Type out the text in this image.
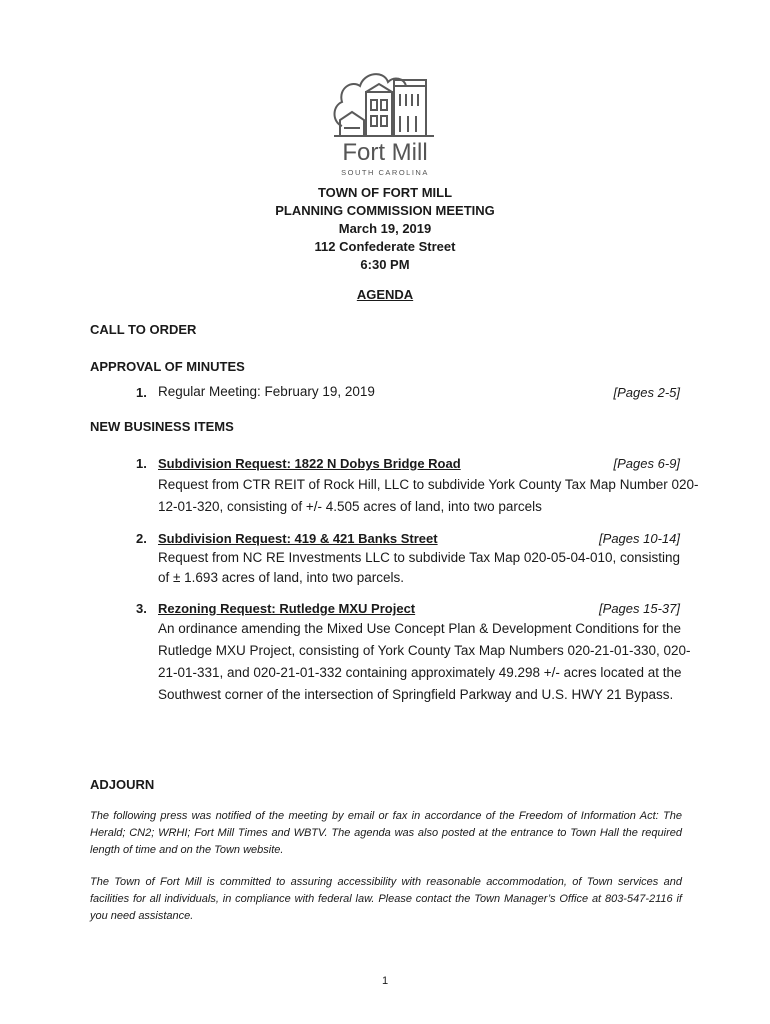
Fort Mill
SOUTH CAROLINA
TOWN OF FORT MILL
PLANNING COMMISSION MEETING
March 19, 2019
112 Confederate Street
6:30 PM
AGENDA
CALL TO ORDER
APPROVAL OF MINUTES
1. Regular Meeting: February 19, 2019	[Pages 2-5]
NEW BUSINESS ITEMS
1. Subdivision Request: 1822 N Dobys Bridge Road	[Pages 6-9]
Request from CTR REIT of Rock Hill, LLC to subdivide York County Tax Map Number 020-
12-01-320, consisting of +/- 4.505 acres of land, into two parcels
2. Subdivision Request: 419 & 421 Banks Street	[Pages 10-14]
Request from NC RE Investments LLC to subdivide Tax Map 020-05-04-010, consisting
of ± 1.693 acres of land, into two parcels.
3. Rezoning Request: Rutledge MXU Project	[Pages 15-37]
An ordinance amending the Mixed Use Concept Plan & Development Conditions for the
Rutledge MXU Project, consisting of York County Tax Map Numbers 020-21-01-330, 020-
21-01-331, and 020-21-01-332 containing approximately 49.298 +/- acres located at the
Southwest corner of the intersection of Springfield Parkway and U.S. HWY 21 Bypass.
ADJOURN
The following press was notified of the meeting by email or fax in accordance of the Freedom of Information Act: The Herald; CN2; WRHI; Fort Mill Times and WBTV. The agenda was also posted at the entrance to Town Hall the required length of time and on the Town website.
The Town of Fort Mill is committed to assuring accessibility with reasonable accommodation, of Town services and facilities for all individuals, in compliance with federal law. Please contact the Town Manager’s Office at 803-547-2116 if you need assistance.
1
